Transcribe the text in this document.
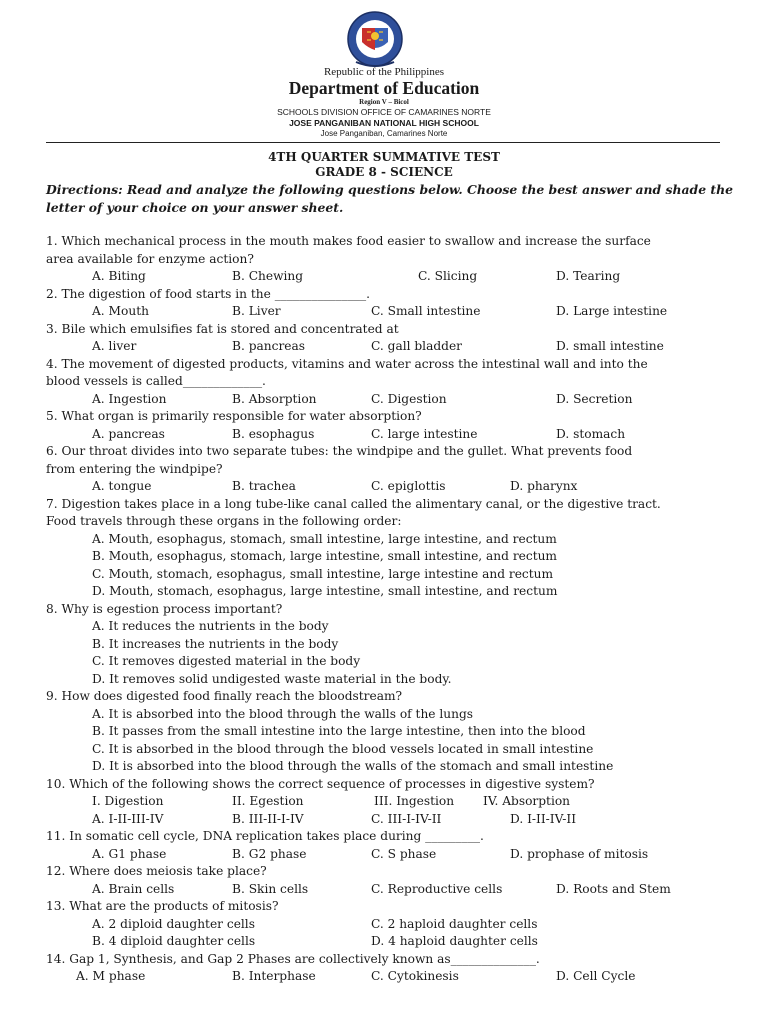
Republic of the Philippines
Department of Education
Region V – Bicol
SCHOOLS DIVISION OFFICE OF CAMARINES NORTE
JOSE PANGANIBAN NATIONAL HIGH SCHOOL
Jose Panganiban, Camarines Norte
4TH QUARTER SUMMATIVE TEST
GRADE 8 - SCIENCE
Directions: Read and analyze the following questions below. Choose the best answer and shade the letter of your choice on your answer sheet.
1. Which mechanical process in the mouth makes food easier to swallow and increase the surface
area available for enzyme action?
A. Biting	B. Chewing	C. Slicing	D. Tearing
2. The digestion of food starts in the _______________.
A. Mouth	B. Liver	C. Small intestine	D. Large intestine
3. Bile which emulsifies fat is stored and concentrated at
A. liver	B. pancreas	C. gall bladder	D. small intestine
4. The movement of digested products, vitamins and water across the intestinal wall and into the
blood vessels is called_____________.
A. Ingestion	B. Absorption	C. Digestion	D. Secretion
5. What organ is primarily responsible for water absorption?
A. pancreas	B. esophagus	C. large intestine	D. stomach
6. Our throat divides into two separate tubes: the windpipe and the gullet. What prevents food
from entering the windpipe?
A. tongue	B. trachea	C. epiglottis	D. pharynx
7. Digestion takes place in a long tube-like canal called the alimentary canal, or the digestive tract.
Food travels through these organs in the following order:
A. Mouth, esophagus, stomach, small intestine, large intestine, and rectum
B. Mouth, esophagus, stomach, large intestine, small intestine, and rectum
C. Mouth, stomach, esophagus, small intestine, large intestine and rectum
D. Mouth, stomach, esophagus, large intestine, small intestine, and rectum
8. Why is egestion process important?
A. It reduces the nutrients in the body
B. It increases the nutrients in the body
C. It removes digested material in the body
D. It removes solid undigested waste material in the body.
9. How does digested food finally reach the bloodstream?
A. It is absorbed into the blood through the walls of the lungs
B. It passes from the small intestine into the large intestine, then into the blood
C. It is absorbed in the blood through the blood vessels located in small intestine
D. It is absorbed into the blood through the walls of the stomach and small intestine
10. Which of the following shows the correct sequence of processes in digestive system?
I. Digestion	II. Egestion	III. Ingestion IV. Absorption
A. I-II-III-IV	B. III-II-I-IV	C. III-I-IV-II	D. I-II-IV-II
11. In somatic cell cycle, DNA replication takes place during _________.
A. G1 phase	B. G2 phase	C. S phase	D. prophase of mitosis
12. Where does meiosis take place?
A. Brain cells	B. Skin cells	C. Reproductive cells	D. Roots and Stem
13. What are the products of mitosis?
A. 2 diploid daughter cells	C. 2 haploid daughter cells
B. 4 diploid daughter cells	D. 4 haploid daughter cells
14. Gap 1, Synthesis, and Gap 2 Phases are collectively known as______________.
A. M phase	B. Interphase	C. Cytokinesis	D. Cell Cycle
